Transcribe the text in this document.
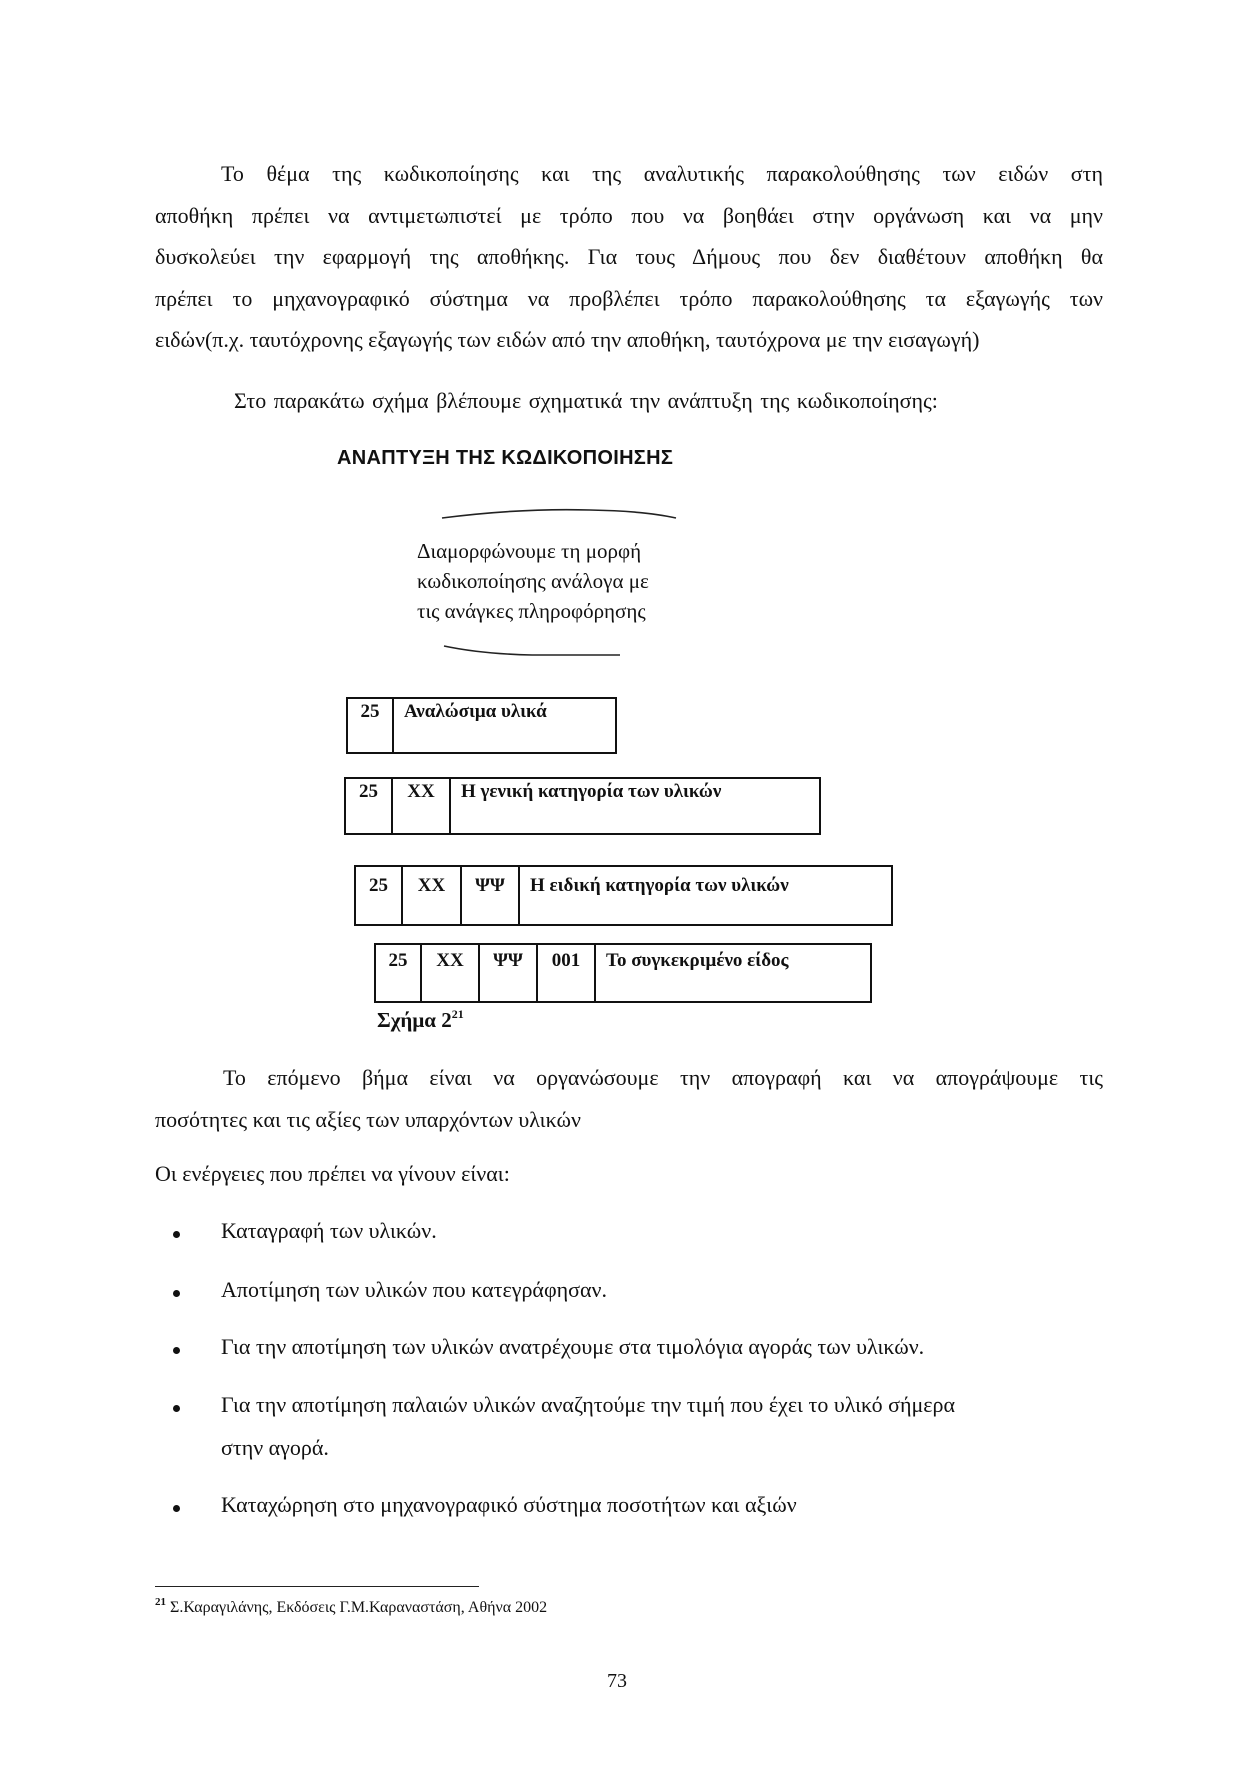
Το θέμα της κωδικοποίησης και της αναλυτικής παρακολούθησης των ειδών στη
αποθήκη πρέπει να αντιμετωπιστεί με τρόπο που να βοηθάει στην οργάνωση και να μην
δυσκολεύει την εφαρμογή της αποθήκης. Για τους Δήμους που δεν διαθέτουν αποθήκη θα
πρέπει το μηχανογραφικό σύστημα να προβλέπει τρόπο παρακολούθησης τα εξαγωγής των
ειδών(π.χ. ταυτόχρονης εξαγωγής των ειδών από την αποθήκη, ταυτόχρονα με την εισαγωγή)
Στο παρακάτω σχήμα βλέπουμε σχηματικά την ανάπτυξη της κωδικοποίησης:
ΑΝΑΠΤΥΞΗ ΤΗΣ ΚΩΔΙΚΟΠΟΙΗΣΗΣ
Διαμορφώνουμε τη μορφή
κωδικοποίησης ανάλογα με
τις ανάγκες πληροφόρησης
25	Αναλώσιμα υλικά
25	XX	Η γενική κατηγορία των υλικών
25	XX	ΨΨ	Η ειδική κατηγορία των υλικών
25	XX	ΨΨ	001	Το συγκεκριμένο είδος
Σχήμα $2^{21}$
Το επόμενο βήμα είναι να οργανώσουμε την απογραφή και να απογράψουμε τις
ποσότητες και τις αξίες των υπαρχόντων υλικών
Οι ενέργειες που πρέπει να γίνουν είναι:
Καταγραφή των υλικών.
Αποτίμηση των υλικών που κατεγράφησαν.
Για την αποτίμηση των υλικών ανατρέχουμε στα τιμολόγια αγοράς των υλικών.
Για την αποτίμηση παλαιών υλικών αναζητούμε την τιμή που έχει το υλικό σήμερα
στην αγορά.
Καταχώρηση στο μηχανογραφικό σύστημα ποσοτήτων και αξιών
$^{21}$ Σ.Καραγιλάνης, Εκδόσεις Γ.Μ.Καραναστάση, Αθήνα 2002
73
